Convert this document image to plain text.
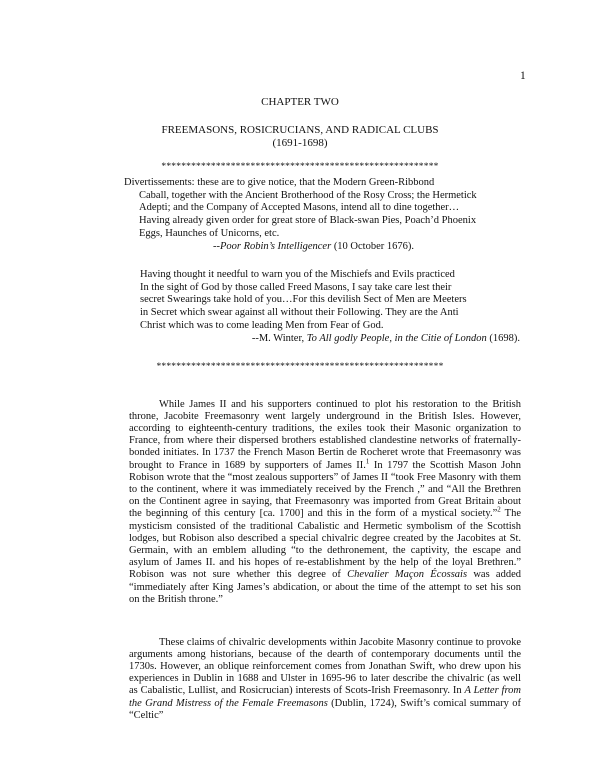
1
CHAPTER TWO
FREEMASONS, ROSICRUCIANS, AND RADICAL CLUBS
(1691-1698)
********************************************************
Divertissements: these are to give notice, that the Modern Green-Ribbond
Caball, together with the Ancient Brotherhood of the Rosy Cross; the Hermetick
Adepti; and the Company of Accepted Masons, intend all to dine together…
Having already given order for great store of Black-swan Pies, Poach’d Phoenix
Eggs, Haunches of Unicorns, etc.
--Poor Robin’s Intelligencer (10 October 1676).
Having thought it needful to warn you of the Mischiefs and Evils practiced
In the sight of God by those called Freed Masons, I say take care lest their
secret Swearings take hold of you…For this devilish Sect of Men are Meeters
in Secret which swear against all without their Following. They are the Anti
Christ which was to come leading Men from Fear of God.
--M. Winter, To All godly People, in the Citie of London (1698).
**********************************************************

While James II and his supporters continued to plot his restoration to the British throne, Jacobite Freemasonry went largely underground in the British Isles. However, according to eighteenth-century traditions, the exiles took their Masonic organization to France, from where their dispersed brothers established clandestine networks of fraternally-bonded initiates. In 1737 the French Mason Bertin de Rocheret wrote that Freemasonry was brought to France in 1689 by supporters of James II.$^1$ In 1797 the Scottish Mason John Robison wrote that the “most zealous supporters” of James II “took Free Masonry with them to the continent, where it was immediately received by the French ,” and “All the Brethren on the Continent agree in saying, that Freemasonry was imported from Great Britain about the beginning of this century [ca. 1700] and this in the form of a mystical society.”$^2$ The mysticism consisted of the traditional Cabalistic and Hermetic symbolism of the Scottish lodges, but Robison also described a special chivalric degree created by the Jacobites at St. Germain, with an emblem alluding “to the dethronement, the captivity, the escape and asylum of James II. and his hopes of re-establishment by the help of the loyal Brethren.” Robison was not sure whether this degree of Chevalier Maçon Écossais was added “immediately after King James’s abdication, or about the time of the attempt to set his son on the British throne.”

These claims of chivalric developments within Jacobite Masonry continue to provoke arguments among historians, because of the dearth of contemporary documents until the 1730s. However, an oblique reinforcement comes from Jonathan Swift, who drew upon his experiences in Dublin in 1688 and Ulster in 1695-96 to later describe the chivalric (as well as Cabalistic, Lullist, and Rosicrucian) interests of Scots-Irish Freemasonry. In A Letter from the Grand Mistress of the Female Freemasons (Dublin, 1724), Swift’s comical summary of “Celtic”
